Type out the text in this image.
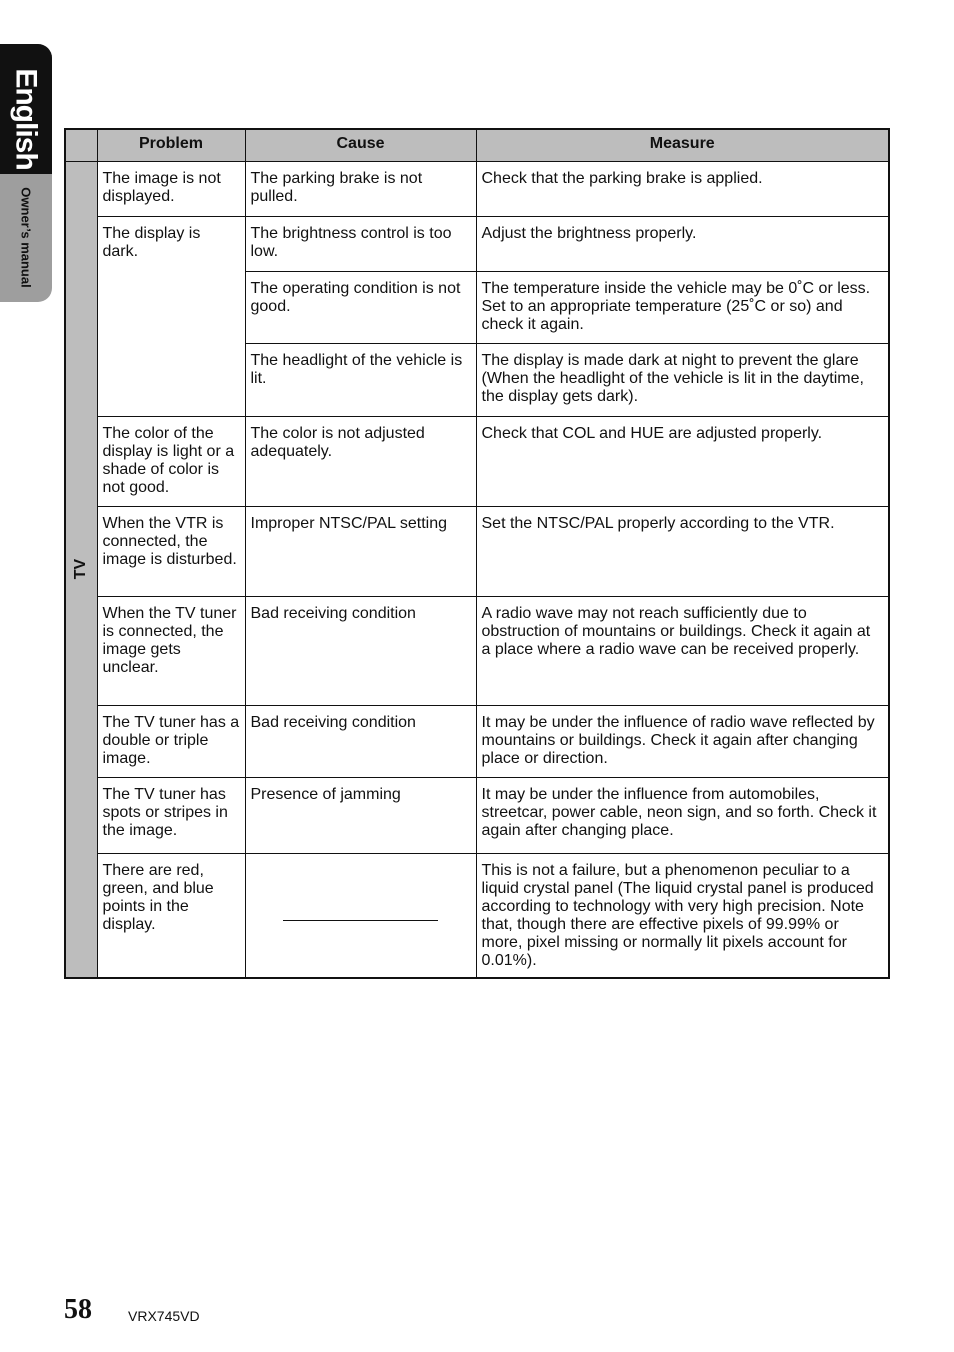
English
Owner’s manual
	Problem	Cause	Measure

TV	The image is not displayed.	The parking brake is not pulled.	Check that the parking brake is applied.
	The display is dark.	The brightness control is too low.	Adjust the brightness properly.
		The operating condition is not good.	The temperature inside the vehicle may be 0˚C or less. Set to an appropriate temperature (25˚C or so) and check it again.
		The headlight of the vehicle is lit.	The display is made dark at night to prevent the glare (When the headlight of the vehicle is lit in the daytime, the display gets dark).
	The color of the display is light or a shade of color is not good.	The color is not adjusted adequately.	Check that COL and HUE are adjusted properly.
	When the VTR is connected, the image is disturbed.	Improper NTSC/PAL setting	Set the NTSC/PAL properly according to the VTR.
	When the TV tuner is connected, the image gets unclear.	Bad receiving condition	A radio wave may not reach sufficiently due to obstruction of mountains or buildings. Check it again at a place where a radio wave can be received properly.
	The TV tuner has a double or triple image.	Bad receiving condition	It may be under the influence of radio wave reflected by mountains or buildings. Check it again after changing place or direction.
	The TV tuner has spots or stripes in the image.	Presence of jamming	It may be under the influence from automobiles, streetcar, power cable, neon sign, and so forth. Check it again after changing place.
	There are red, green, and blue points in the display.		This is not a failure, but a phenomenon peculiar to a liquid crystal panel (The liquid crystal panel is produced according to technology with very high precision. Note that, though there are effective pixels of 99.99% or more, pixel missing or normally lit pixels account for 0.01%).
58	VRX745VD
